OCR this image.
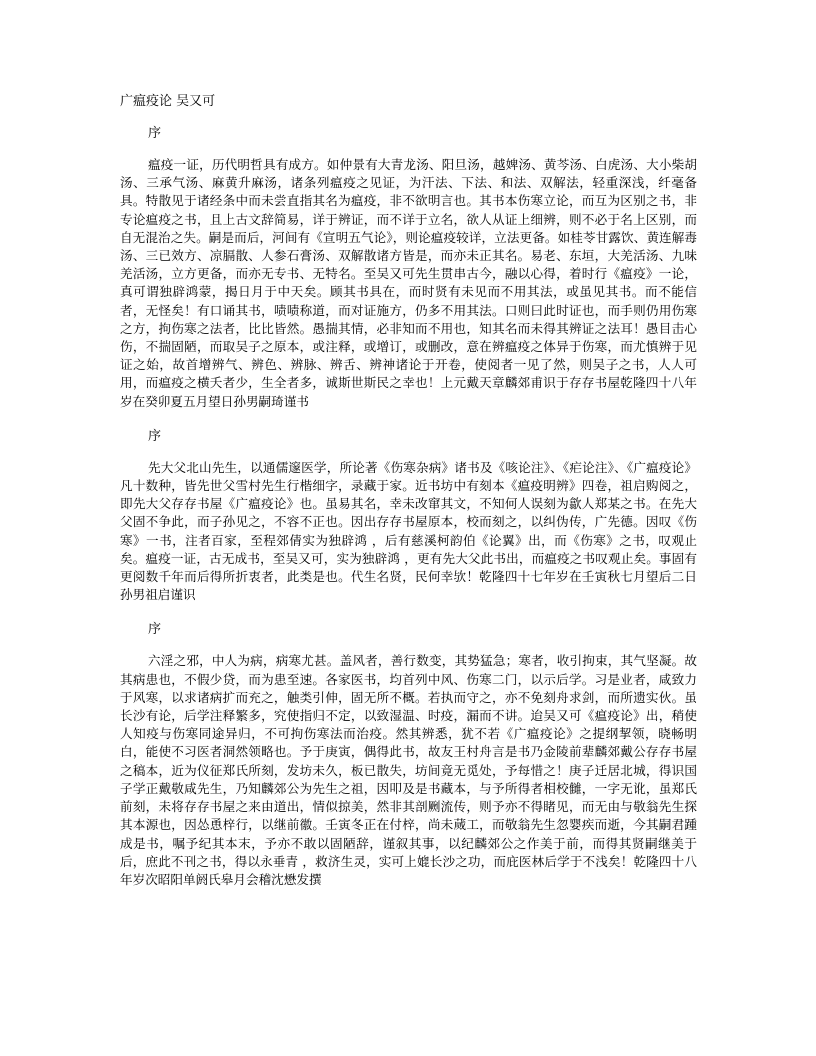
广瘟疫论 吴又可
序
瘟疫一证，历代明哲具有成方。如仲景有大青龙汤、阳旦汤，越婢汤、黄芩汤、白虎汤、大小柴胡汤、三承气汤、麻黄升麻汤，诸条列瘟疫之见证，为汗法、下法、和法、双解法，轻重深浅，纤毫备具。特散见于诸经条中而未尝直指其名为瘟疫，非不欲明言也。其书本伤寒立论，而互为区别之书，非专论瘟疫之书，且上古文辞简易，详于辨证，而不详于立名，欲人从证上细辨，则不必于名上区别，而自无混治之失。嗣是而后，河间有《宣明五气论》，则论瘟疫较详，立法更备。如桂苓甘露饮、黄连解毒汤、三已效方、凉膈散、人参石膏汤、双解散诸方皆是，而亦未正其名。易老、东垣，大羌活汤、九味羌活汤，立方更备，而亦无专书、无特名。至吴又可先生贯串古今，融以心得，着时行《瘟疫》一论，真可谓独辟鸿蒙，揭日月于中天矣。顾其书具在，而时贤有未见而不用其法，或虽见其书。而不能信者，无怪矣！有口诵其书，啧啧称道，而对证施方，仍多不用其法。口则曰此时证也，而手则仍用伤寒之方，拘伤寒之法者，比比皆然。愚揣其情，必非知而不用也，知其名而未得其辨证之法耳！愚目击心伤，不揣固陋，而取吴子之原本，或注释，或增订，或删改，意在辨瘟疫之体异于伤寒，而尤慎辨于见证之始，故首增辨气、辨色、辨脉、辨舌、辨神诸论于开卷，使阅者一见了然，则吴子之书，人人可用，而瘟疫之横夭者少，生全者多，诚斯世斯民之幸也！上元戴天章麟郊甫识于存存书屋乾隆四十八年岁在癸卯夏五月望日孙男嗣琦谨书
序
先大父北山先生，以通儒邃医学，所论著《伤寒杂病》诸书及《咳论注》、《疟论注》、《广瘟疫论》凡十数种，皆先世父雪村先生行楷细字，录藏于家。近书坊中有刻本《瘟疫明辨》四卷，祖启购阅之，即先大父存存书屋《广瘟疫论》也。虽易其名，幸未改窜其文，不知何人误刻为歙人郑某之书。在先大父固不争此，而子孙见之，不容不正也。因出存存书屋原本，校而刻之，以纠伪传，广先德。因叹《伤寒》一书，注者百家，至程郊倩实为独辟鸿 ，后有慈溪柯韵伯《论翼》出，而《伤寒》之书，叹观止矣。瘟疫一证，古无成书，至吴又可，实为独辟鸿 ，更有先大父此书出，而瘟疫之书叹观止矣。事固有更阅数千年而后得所折衷者，此类是也。代生名贤，民何幸欤！乾隆四十七年岁在壬寅秋七月望后二日孙男祖启谨识
序
六淫之邪，中人为病，病寒尤甚。盖风者，善行数变，其势猛急；寒者，收引拘束，其气坚凝。故其病患也，不假少贷，而为患至速。各家医书，均首列中风、伤寒二门，以示后学。习是业者，咸致力于风寒，以求诸病扩而充之，触类引伸，固无所不概。若执而守之，亦不免刻舟求剑，而所遗实伙。虽长沙有论，后学注释繁多，究使指归不定，以致湿温、时疫，漏而不讲。迨吴又可《瘟疫论》出，稍使人知疫与伤寒同途异归，不可拘伤寒法而治疫。然其辨悉，犹不若《广瘟疫论》之提纲挈领，晓畅明白，能使不习医者洞然领略也。予于庚寅，偶得此书，故友王村舟言是书乃金陵前辈麟郊戴公存存书屋之稿本，近为仪征郑氏所刻，发坊未久，板已散失，坊间竟无觅处，予每惜之！庚子迁居北城，得识国子学正戴敬咸先生，乃知麟郊公为先生之祖，因叩及是书藏本，与予所得者相校雠，一字无讹，虽郑氏前刻，未将存存书屋之来由道出，情似掠美，然非其剖劂流传，则予亦不得睹见，而无由与敬翁先生探其本源也，因怂恿梓行，以继前徽。壬寅冬正在付梓，尚未蒇工，而敬翁先生忽婴疾而逝，今其嗣君踵成是书，嘱予纪其本末，予亦不敢以固陋辞，谨叙其事，以纪麟郊公之作美于前，而得其贤嗣继美于后，庶此不刊之书，得以永垂青 ，救济生灵，实可上媲长沙之功，而庇医林后学于不浅矣！乾隆四十八年岁次昭阳单阏氏皋月会稽沈懋发撰
